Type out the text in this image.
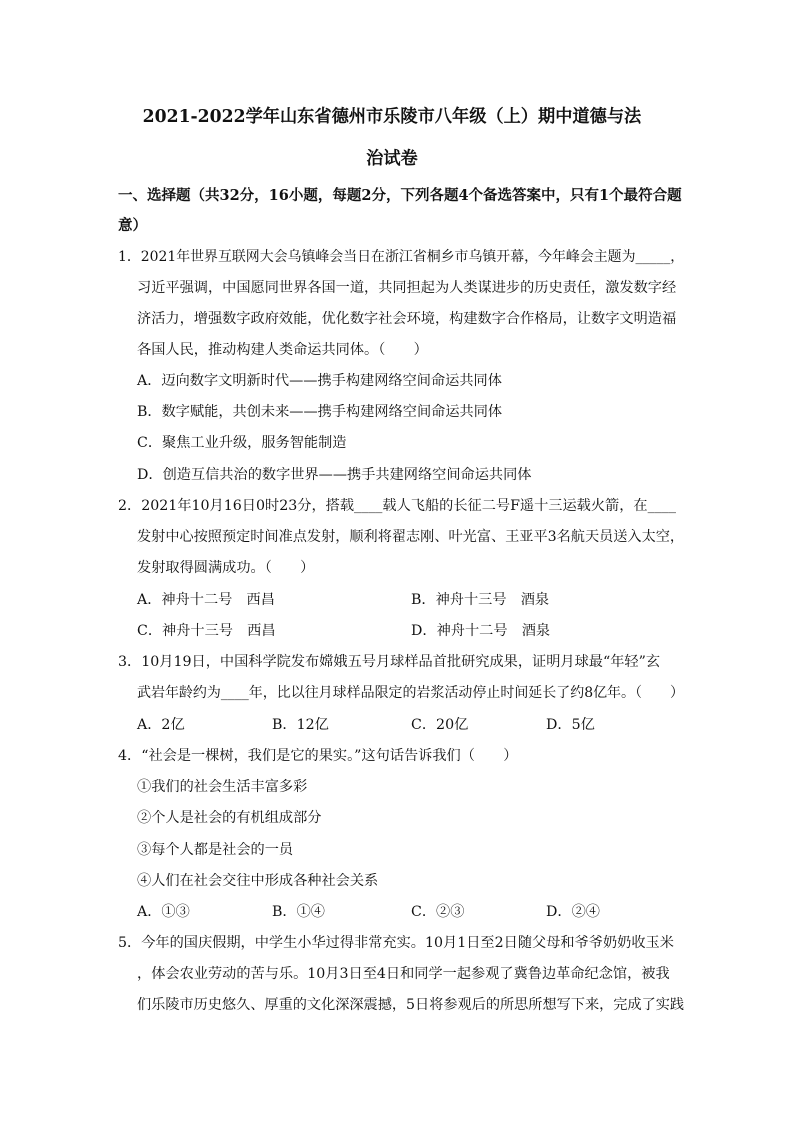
2021-2022学年山东省德州市乐陵市八年级（上）期中道德与法
治试卷
一、选择题（共32分，16小题，每题2分，下列各题4个备选答案中，只有1个最符合题
意）
1．2021年世界互联网大会乌镇峰会当日在浙江省桐乡市乌镇开幕，今年峰会主题为_____，
习近平强调，中国愿同世界各国一道，共同担起为人类谋进步的历史责任，激发数字经
济活力，增强数字政府效能，优化数字社会环境，构建数字合作格局，让数字文明造福
各国人民，推动构建人类命运共同体。（　　）
A．迈向数字文明新时代——携手构建网络空间命运共同体
B．数字赋能，共创未来——携手构建网络空间命运共同体
C．聚焦工业升级，服务智能制造
D．创造互信共治的数字世界——携手共建网络空间命运共同体
2．2021年10月16日0时23分，搭载____载人飞船的长征二号F遥十三运载火箭，在____
发射中心按照预定时间准点发射，顺利将翟志刚、叶光富、王亚平3名航天员送入太空，
发射取得圆满成功。（　　）
A．神舟十二号　西昌	B．神舟十三号　酒泉
C．神舟十三号　西昌	D．神舟十二号　酒泉
3．10月19日，中国科学院发布嫦娥五号月球样品首批研究成果，证明月球最“年轻”玄
武岩年龄约为____年，比以往月球样品限定的岩浆活动停止时间延长了约8亿年。（　　）
A．2亿	B．12亿	C．20亿	D．5亿
4．“社会是一棵树，我们是它的果实。”这句话告诉我们（　　）
①我们的社会生活丰富多彩
②个人是社会的有机组成部分
③每个人都是社会的一员
④人们在社会交往中形成各种社会关系
A．①③	B．①④	C．②③	D．②④
5．今年的国庆假期，中学生小华过得非常充实。10月1日至2日随父母和爷爷奶奶收玉米
，体会农业劳动的苦与乐。10月3日至4日和同学一起参观了冀鲁边革命纪念馆，被我
们乐陵市历史悠久、厚重的文化深深震撼，5日将参观后的所思所想写下来，完成了实践
